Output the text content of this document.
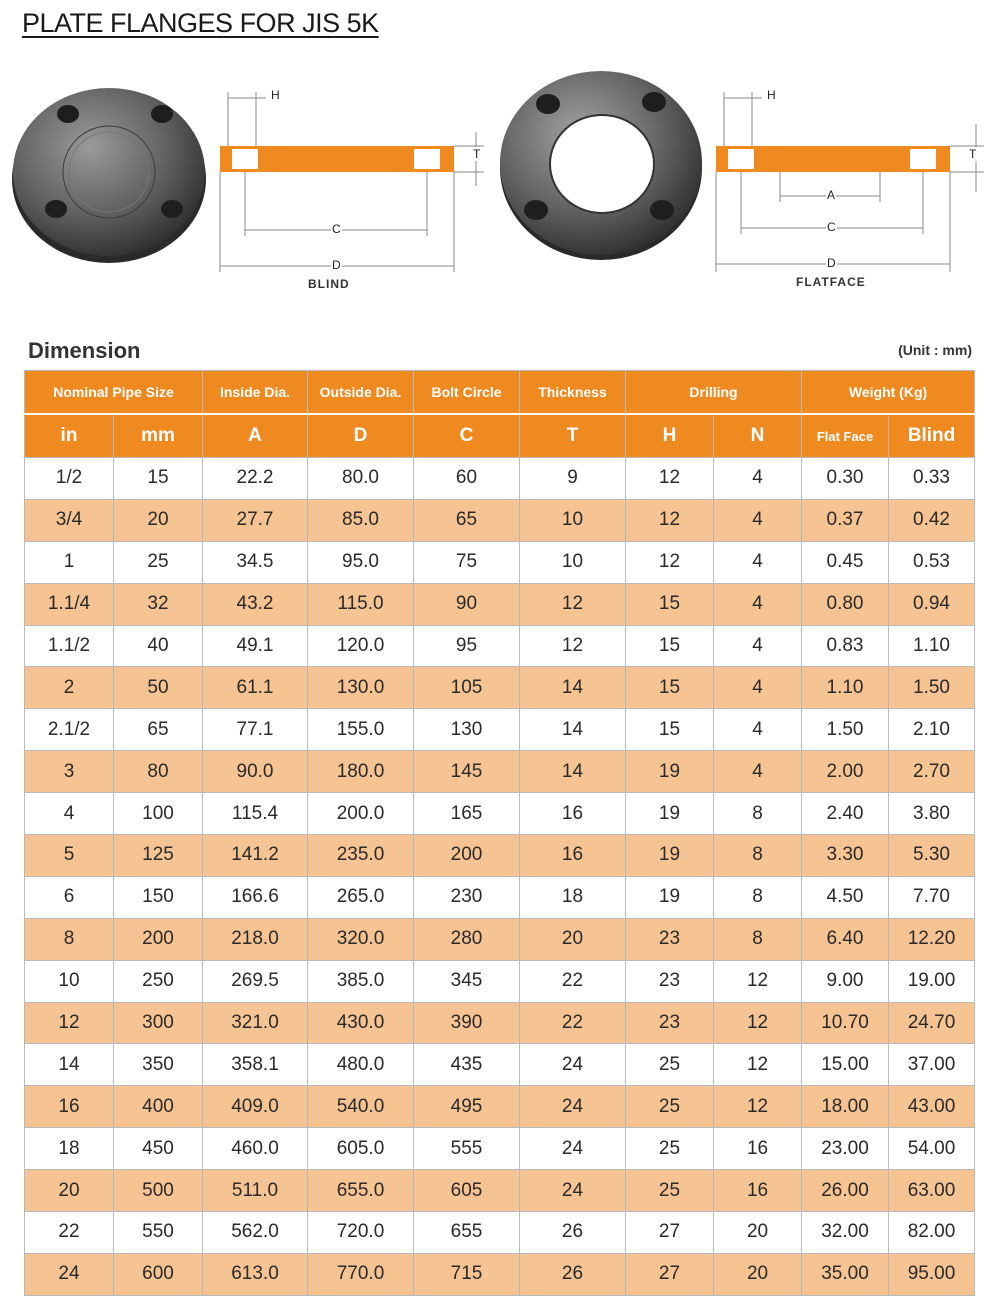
PLATE FLANGES FOR JIS 5K
H
T
C
D
BLIND
H
T
A
C
D
FLATFACE
Dimension	(Unit : mm)
Nominal Pipe Size		Inside Dia.	Outside Dia.	Bolt Circle	Thickness	Drilling		Weight (Kg)	
in	mm	A	D	C	T	H	N	Flat Face	Blind
1/2	15	22.2	80.0	60	9	12	4	0.30	0.33
3/4	20	27.7	85.0	65	10	12	4	0.37	0.42
1	25	34.5	95.0	75	10	12	4	0.45	0.53
1.1/4	32	43.2	115.0	90	12	15	4	0.80	0.94
1.1/2	40	49.1	120.0	95	12	15	4	0.83	1.10
2	50	61.1	130.0	105	14	15	4	1.10	1.50
2.1/2	65	77.1	155.0	130	14	15	4	1.50	2.10
3	80	90.0	180.0	145	14	19	4	2.00	2.70
4	100	115.4	200.0	165	16	19	8	2.40	3.80
5	125	141.2	235.0	200	16	19	8	3.30	5.30
6	150	166.6	265.0	230	18	19	8	4.50	7.70
8	200	218.0	320.0	280	20	23	8	6.40	12.20
10	250	269.5	385.0	345	22	23	12	9.00	19.00
12	300	321.0	430.0	390	22	23	12	10.70	24.70
14	350	358.1	480.0	435	24	25	12	15.00	37.00
16	400	409.0	540.0	495	24	25	12	18.00	43.00
18	450	460.0	605.0	555	24	25	16	23.00	54.00
20	500	511.0	655.0	605	24	25	16	26.00	63.00
22	550	562.0	720.0	655	26	27	20	32.00	82.00
24	600	613.0	770.0	715	26	27	20	35.00	95.00
